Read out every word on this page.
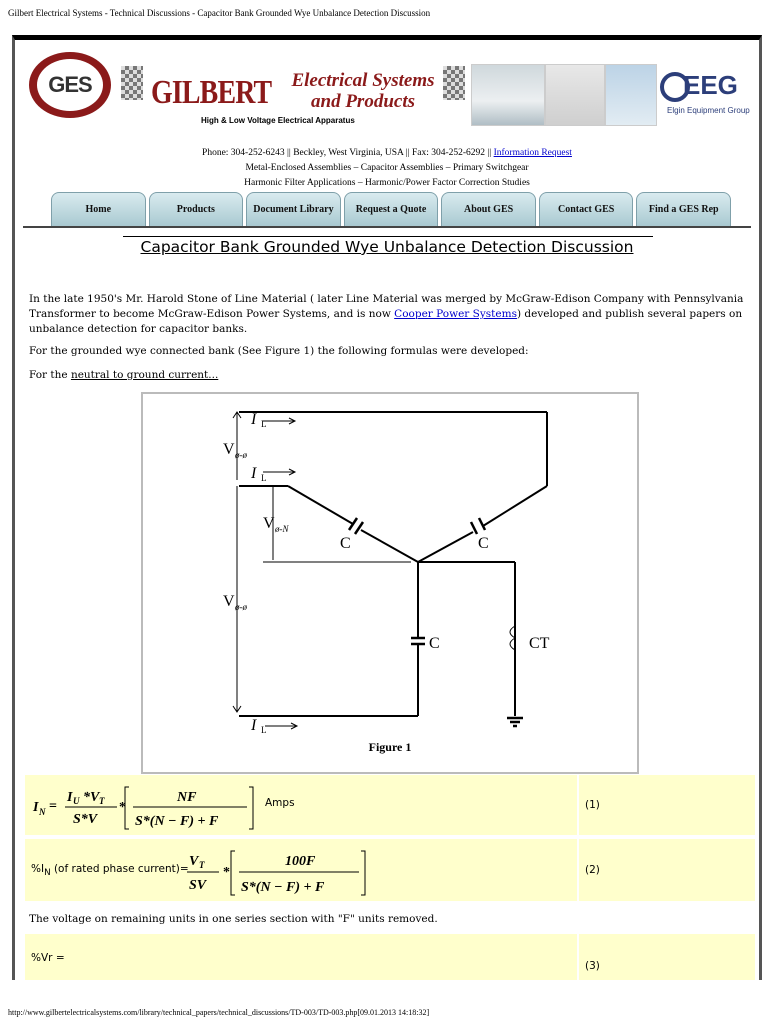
Gilbert Electrical Systems - Technical Discussions - Capacitor Bank Grounded Wye Unbalance Detection Discussion
GES	GILBERT	Electrical Systems
and Products
High & Low Voltage Electrical Apparatus
EEG
Elgin Equipment Group
Phone: 304-252-6243 || Beckley, West Virginia, USA || Fax: 304-252-6292 || Information Request
Metal-Enclosed Assemblies – Capacitor Assemblies – Primary Switchgear
Harmonic Filter Applications – Harmonic/Power Factor Correction Studies
Home	Products	Document Library	Request a Quote	About GES	Contact GES	Find a GES Rep
Capacitor Bank Grounded Wye Unbalance Detection Discussion
In the late 1950's Mr. Harold Stone of Line Material ( later Line Material was merged by McGraw-Edison Company with Pennsylvania Transformer to become McGraw-Edison Power Systems, and is now Cooper Power Systems) developed and publish several papers on unbalance detection for capacitor banks.
For the grounded wye connected bank (See Figure 1) the following formulas were developed:
For the neutral to ground current...
I L
I L
I L
V ø-ø
V ø-N
V ø-ø
C	C
C	CT
Figure 1
I N =
I U *V T
S*V
*
NF
S*(N − F) + F
Amps	(1)
$\%I_N$ (of rated phase current)= V T
SV
*
100F
S*(N − F) + F
(2)
The voltage on remaining units in one series section with "F" units removed.
%Vr =
(3)
http://www.gilbertelectricalsystems.com/library/technical_papers/technical_discussions/TD-003/TD-003.php[09.01.2013 14:18:32]
